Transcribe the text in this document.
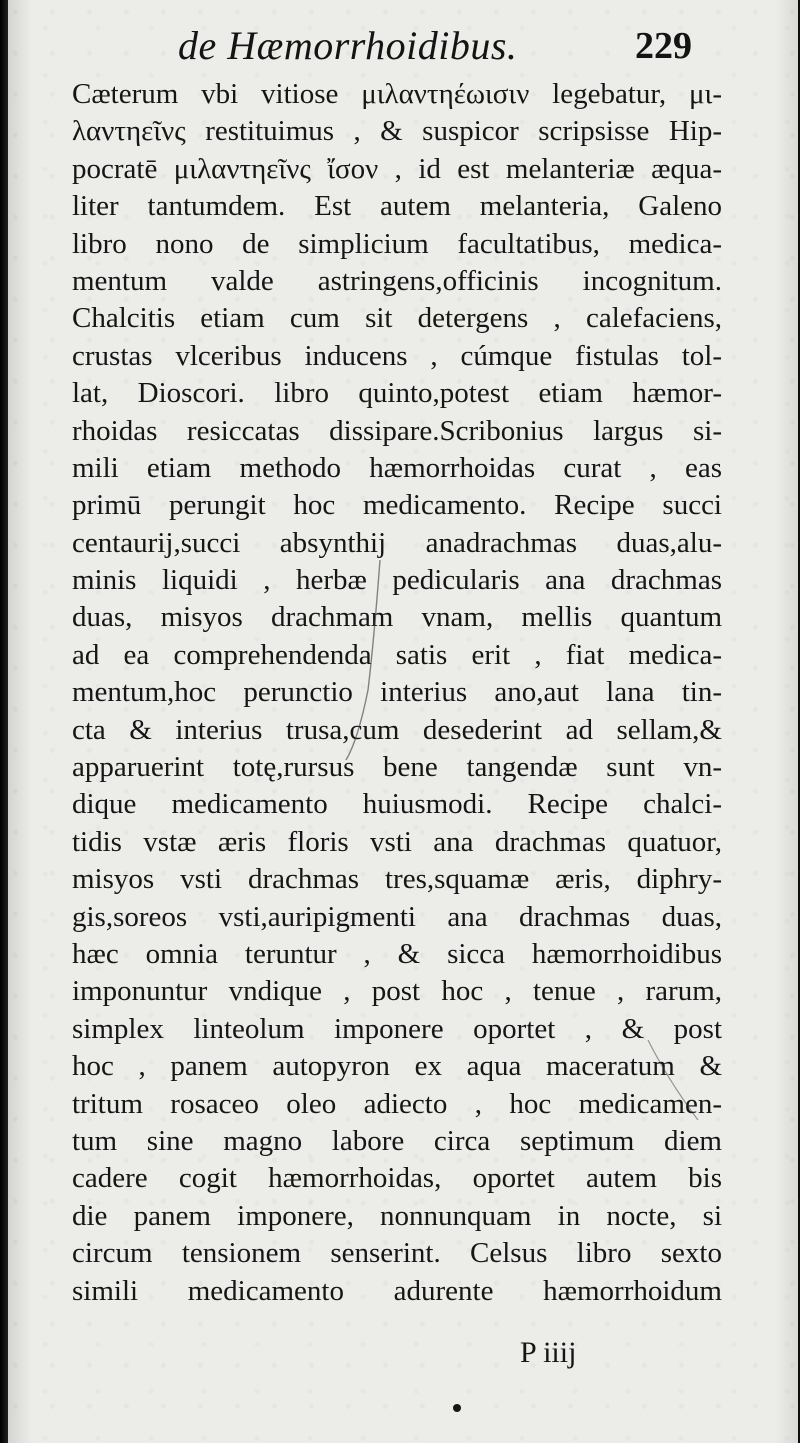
de Hæmorrhoidibus.	229
Cæterum vbi vitiose μιλαντηέωισιν legebatur, μι-
λαντηεῖνς restituimus , & suspicor scripsisse Hip-
pocratē μιλαντηεῖνς ἴσον , id est melanteriæ æqua-
liter tantumdem. Est autem melanteria, Galeno
libro nono de simplicium facultatibus, medica-
mentum valde astringens,officinis incognitum.
Chalcitis etiam cum sit detergens , calefaciens,
crustas vlceribus inducens , cúmque fistulas tol-
lat, Dioscori. libro quinto,potest etiam hæmor-
rhoidas resiccatas dissipare.Scribonius largus si-
mili etiam methodo hæmorrhoidas curat , eas
primū perungit hoc medicamento. Recipe succi
centaurij,succi absynthij anadrachmas duas,alu-
minis liquidi , herbæ pedicularis ana drachmas
duas, misyos drachmam vnam, mellis quantum
ad ea comprehendenda satis erit , fiat medica-
mentum,hoc perunctio interius ano,aut lana tin-
cta & interius trusa,cum desederint ad sellam,&
apparuerint totę,rursus bene tangendæ sunt vn-
dique medicamento huiusmodi. Recipe chalci-
tidis vstæ æris floris vsti ana drachmas quatuor,
misyos vsti drachmas tres,squamæ æris, diphry-
gis,soreos vsti,auripigmenti ana drachmas duas,
hæc omnia teruntur , & sicca hæmorrhoidibus
imponuntur vndique , post hoc , tenue , rarum,
simplex linteolum imponere oportet , & post
hoc , panem autopyron ex aqua maceratum &
tritum rosaceo oleo adiecto , hoc medicamen-
tum sine magno labore circa septimum diem
cadere cogit hæmorrhoidas, oportet autem bis
die panem imponere, nonnunquam in nocte, si
circum tensionem senserint. Celsus libro sexto
simili medicamento adurente hæmorrhoidum
P iiij
